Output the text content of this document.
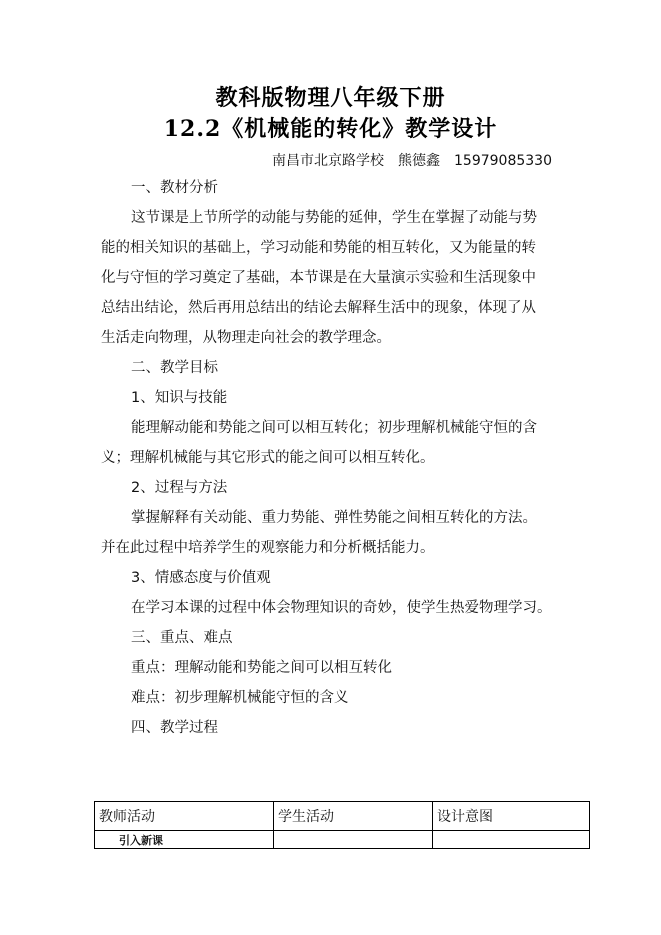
教科版物理八年级下册
12.2《机械能的转化》教学设计
南昌市北京路学校 熊德鑫 15979085330
一、教材分析
这节课是上节所学的动能与势能的延伸，学生在掌握了动能与势
能的相关知识的基础上，学习动能和势能的相互转化，又为能量的转
化与守恒的学习奠定了基础，本节课是在大量演示实验和生活现象中
总结出结论，然后再用总结出的结论去解释生活中的现象，体现了从
生活走向物理，从物理走向社会的教学理念。
二、教学目标
1、知识与技能
能理解动能和势能之间可以相互转化；初步理解机械能守恒的含
义；理解机械能与其它形式的能之间可以相互转化。
2、过程与方法
掌握解释有关动能、重力势能、弹性势能之间相互转化的方法。
并在此过程中培养学生的观察能力和分析概括能力。
3、情感态度与价值观
在学习本课的过程中体会物理知识的奇妙，使学生热爱物理学习。
三、重点、难点
重点：理解动能和势能之间可以相互转化
难点：初步理解机械能守恒的含义
四、教学过程
教师活动	学生活动	设计意图
引入新课		
